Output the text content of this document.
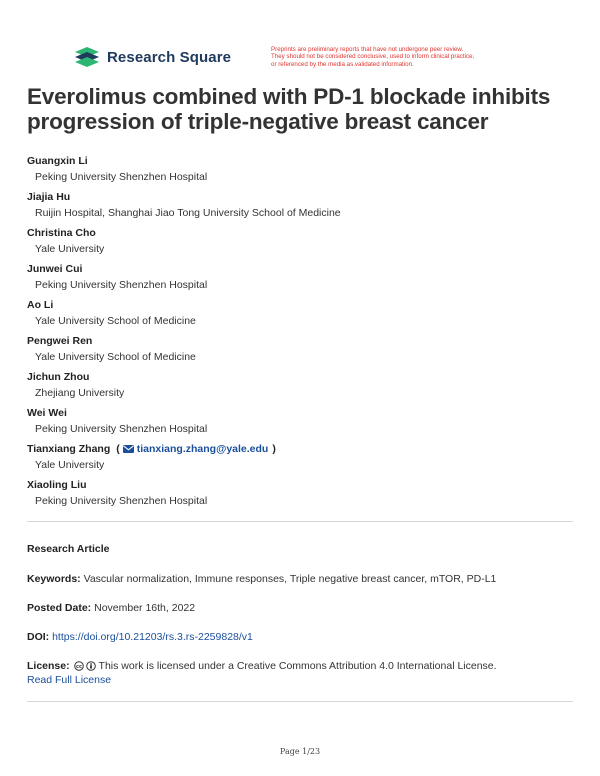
Research Square	Preprints are preliminary reports that have not undergone peer review.
They should not be considered conclusive, used to inform clinical practice,
or referenced by the media as validated information.
Everolimus combined with PD-1 blockade inhibits progression of triple-negative breast cancer
Guangxin Li
Peking University Shenzhen Hospital
Jiajia Hu
Ruijin Hospital, Shanghai Jiao Tong University School of Medicine
Christina Cho
Yale University
Junwei Cui
Peking University Shenzhen Hospital
Ao Li
Yale University School of Medicine
Pengwei Ren
Yale University School of Medicine
Jichun Zhou
Zhejiang University
Wei Wei
Peking University Shenzhen Hospital
Tianxiang Zhang ( tianxiang.zhang@yale.edu )
Yale University
Xiaoling Liu
Peking University Shenzhen Hospital
Research Article
Keywords: Vascular normalization, Immune responses, Triple negative breast cancer, mTOR, PD-L1
Posted Date: November 16th, 2022
DOI: https://doi.org/10.21203/rs.3.rs-2259828/v1
License: cc This work is licensed under a Creative Commons Attribution 4.0 International License.
Read Full License
Page 1/23
